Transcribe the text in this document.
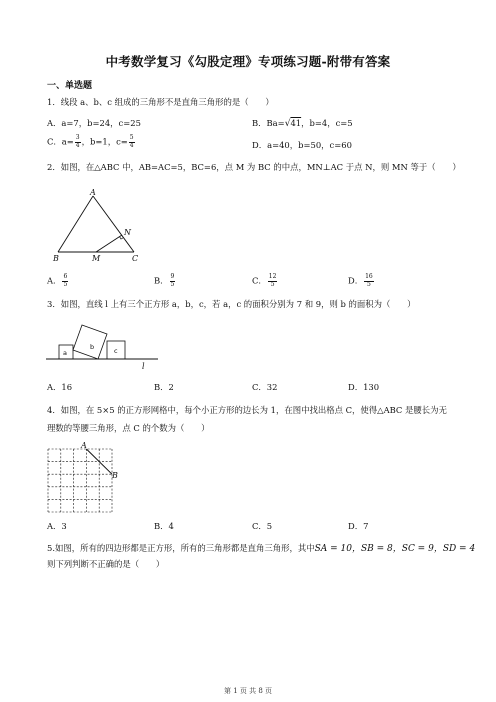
中考数学复习《勾股定理》专项练习题-附带有答案
一、单选题
1．线段 a、b、c 组成的三角形不是直角三角形的是（　　）
A．a=7，b=24，c=25	B．Ba=√41，b=4，c=5
C．$a= \frac{3}{4}$ ，b=1，$c= \frac{5}{4}$	D．a=40，b=50，c=60
2．如图，在△ABC 中，AB=AC=5，BC=6，点 M 为 BC 的中点，MN⊥AC 于点 N，则 MN 等于（　　）
A
B	C
M
N
A． $\frac{6}{5}$	B． $\frac{9}{5}$	C． $\frac{12}{5}$	D． $\frac{16}{5}$
3．如图，直线 l 上有三个正方形 a，b，c，若 a，c 的面积分别为 7 和 9，则 b 的面积为（　　）
a
b	c
l
A．16	B．2	C．32	D．130
4．如图，在 5×5 的正方形网格中，每个小正方形的边长为 1，在图中找出格点 C，使得△ABC 是腰长为无
理数的等腰三角形，点 C 的个数为（　　）
A
B
A．3	B．4	C．5	D．7
5.如图，所有的四边形都是正方形，所有的三角形都是直角三角形，其中SA = 10，SB = 8，SC = 9，SD = 4
则下列判断不正确的是（　　）
第 1 页 共 8 页
